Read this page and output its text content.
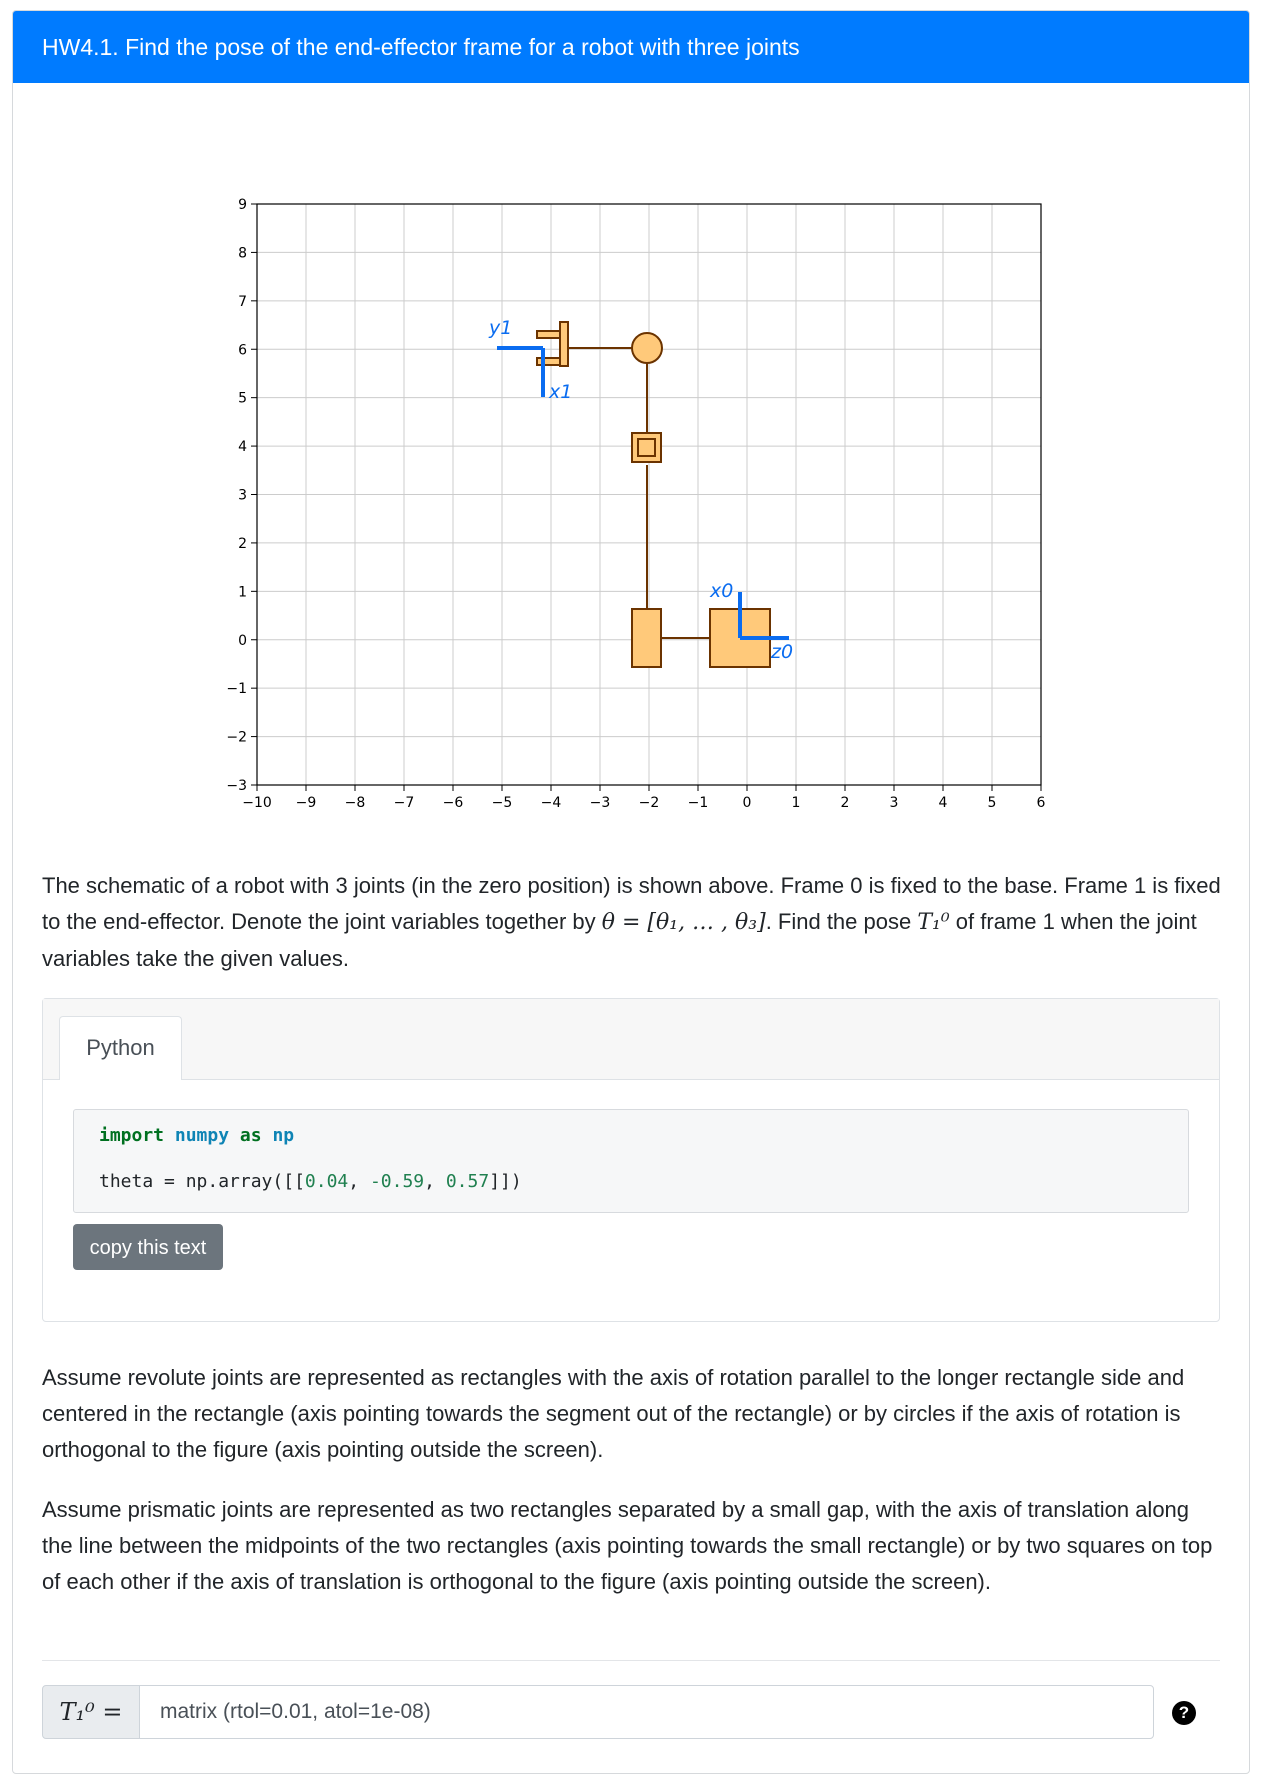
HW4.1. Find the pose of the end-effector frame for a robot with three joints
−10 −9 −8 −7 −6 −5 −4 −3 −2 −1 0	1	2	3	4	5	6
−3
−2
−1
0
1
2
3
4
5
6
7
8
9
x0
z0
y1
x1
The schematic of a robot with 3 joints (in the zero position) is shown above. Frame 0 is fixed to the base. Frame 1 is fixed to the end-effector. Denote the joint variables together by θ = [θ₁, … , θ₃]. Find the pose T₁⁰ of frame 1 when the joint variables take the given values.
Python
import numpy as np
theta = np.array([[0.04, -0.59, 0.57]])
copy this text
Assume revolute joints are represented as rectangles with the axis of rotation parallel to the longer rectangle side and centered in the rectangle (axis pointing towards the segment out of the rectangle) or by circles if the axis of rotation is orthogonal to the figure (axis pointing outside the screen).
Assume prismatic joints are represented as two rectangles separated by a small gap, with the axis of translation along the line between the midpoints of the two rectangles (axis pointing towards the small rectangle) or by two squares on top of each other if the axis of translation is orthogonal to the figure (axis pointing outside the screen).
T₁⁰ =
matrix (rtol=0.01, atol=1e-08)	?
